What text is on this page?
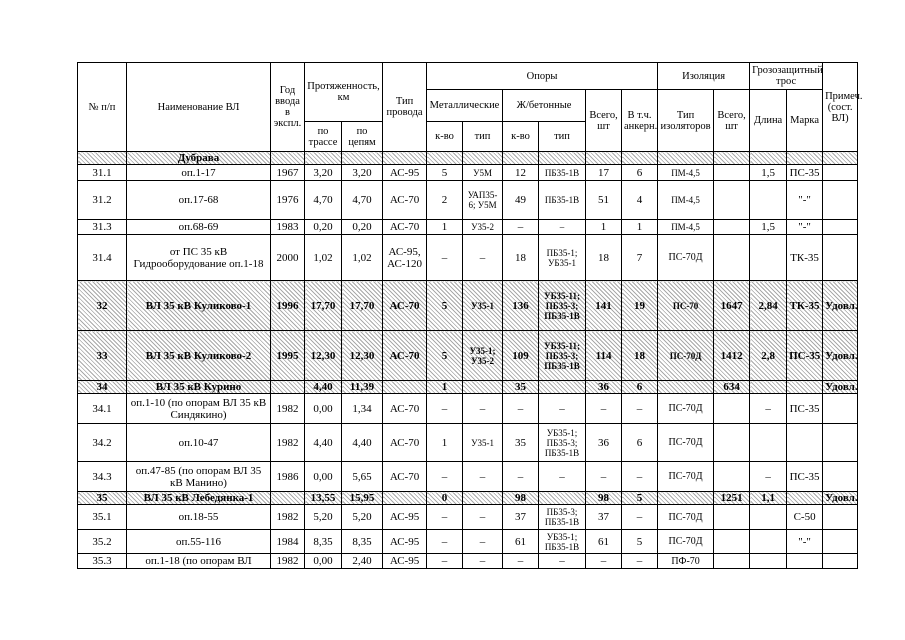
№ п/п	Наименование ВЛ	Год ввода в экспл.	Протяженность, км		Тип провода	Опоры						Изоляция		Грозозащитный трос		Примеч. (сост. ВЛ)
						Металлические		Ж/бетонные		Всего, шт	В т.ч. анкерн.	Тип изоляторов	Всего, шт	Длина	Марка	
			по трассе	по цепям		к-во	тип	к-во	тип							
	Дубрава															
31.1	оп.1-17	1967	3,20	3,20	АС-95	5	У5М	12	ПБ35-1В	17	6	ПМ-4,5		1,5	ПС-35	
31.2	оп.17-68	1976	4,70	4,70	АС-70	2	УАП35-6; У5М	49	ПБ35-1В	51	4	ПМ-4,5			"-"	
31.3	оп.68-69	1983	0,20	0,20	АС-70	1	У35-2	–	–	1	1	ПМ-4,5		1,5	"-"	
31.4	от ПС 35 кВ Гидрооборудование оп.1-18	2000	1,02	1,02	АС-95, АС-120	–	–	18	ПБ35-1; УБ35-1	18	7	ПС-70Д			ТК-35	
32	ВЛ 35 кВ Куликово-1	1996	17,70	17,70	АС-70	5	У35-1	136	УБ35-11; ПБ35-3; ПБ35-1В	141	19	ПС-70	1647	2,84	ТК-35	Удовл.
33	ВЛ 35 кВ Куликово-2	1995	12,30	12,30	АС-70	5	У35-1; У35-2	109	УБ35-11; ПБ35-3; ПБ35-1В	114	18	ПС-70Д	1412	2,8	ПС-35	Удовл.
34	ВЛ 35 кВ Курино		4,40	11,39		1		35		36	6		634			Удовл.
34.1	оп.1-10 (по опорам ВЛ 35 кВ Синдякино)	1982	0,00	1,34	АС-70	–	–	–	–	–	–	ПС-70Д		–	ПС-35	
34.2	оп.10-47	1982	4,40	4,40	АС-70	1	У35-1	35	УБ35-1; ПБ35-3; ПБ35-1В	36	6	ПС-70Д				
34.3	оп.47-85 (по опорам ВЛ 35 кВ Манино)	1986	0,00	5,65	АС-70	–	–	–	–	–	–	ПС-70Д		–	ПС-35	
35	ВЛ 35 кВ Лебедянка-1		13,55	15,95		0		98		98	5		1251	1,1		Удовл.
35.1	оп.18-55	1982	5,20	5,20	АС-95	–	–	37	ПБ35-3; ПБ35-1В	37	–	ПС-70Д			С-50	
35.2	оп.55-116	1984	8,35	8,35	АС-95	–	–	61	УБ35-1; ПБ35-1В	61	5	ПС-70Д			"-"	
35.3	оп.1-18 (по опорам ВЛ	1982	0,00	2,40	АС-95	–	–	–	–	–	–	ПФ-70				
